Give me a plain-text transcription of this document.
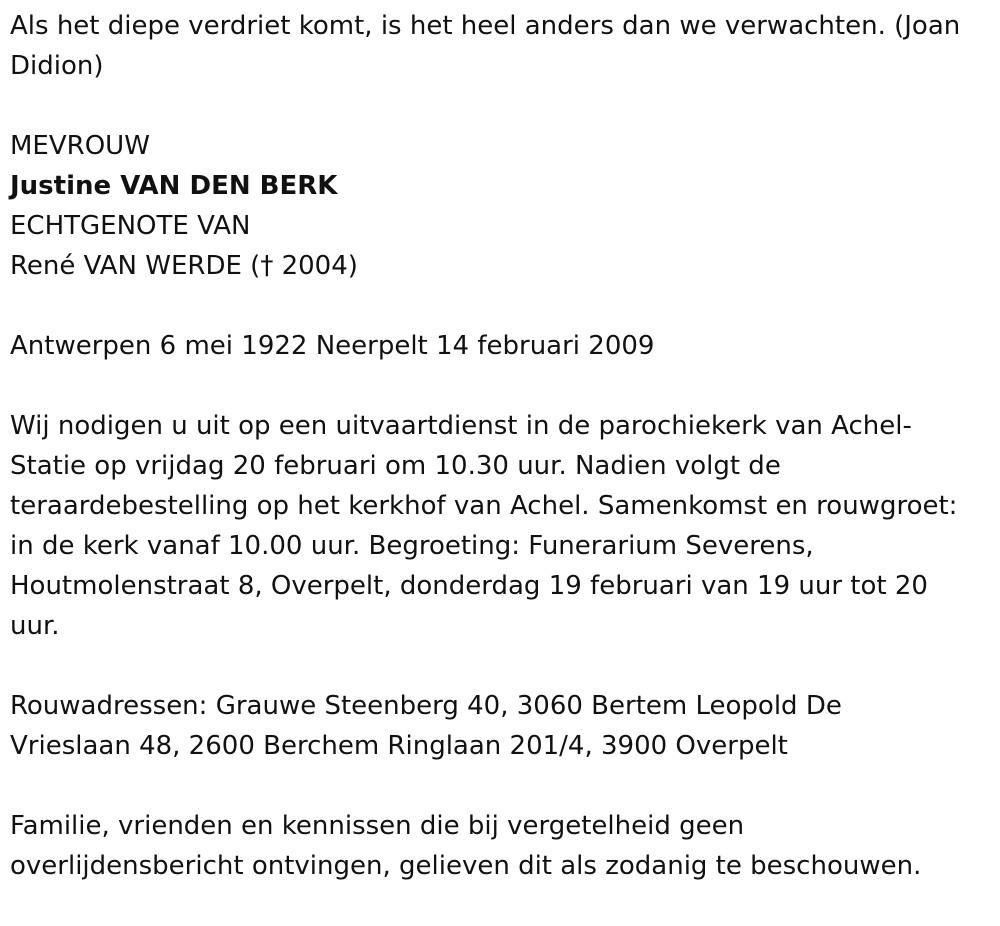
Als het diepe verdriet komt, is het heel anders dan we verwachten. (Joan
Didion)

MEVROUW
Justine VAN DEN BERK
ECHTGENOTE VAN
René VAN WERDE († 2004)

Antwerpen 6 mei 1922 Neerpelt 14 februari 2009

Wij nodigen u uit op een uitvaartdienst in de parochiekerk van Achel-
Statie op vrijdag 20 februari om 10.30 uur. Nadien volgt de
teraardebestelling op het kerkhof van Achel. Samenkomst en rouwgroet:
in de kerk vanaf 10.00 uur. Begroeting: Funerarium Severens,
Houtmolenstraat 8, Overpelt, donderdag 19 februari van 19 uur tot 20
uur.

Rouwadressen: Grauwe Steenberg 40, 3060 Bertem Leopold De
Vrieslaan 48, 2600 Berchem Ringlaan 201/4, 3900 Overpelt

Familie, vrienden en kennissen die bij vergetelheid geen
overlijdensbericht ontvingen, gelieven dit als zodanig te beschouwen.
